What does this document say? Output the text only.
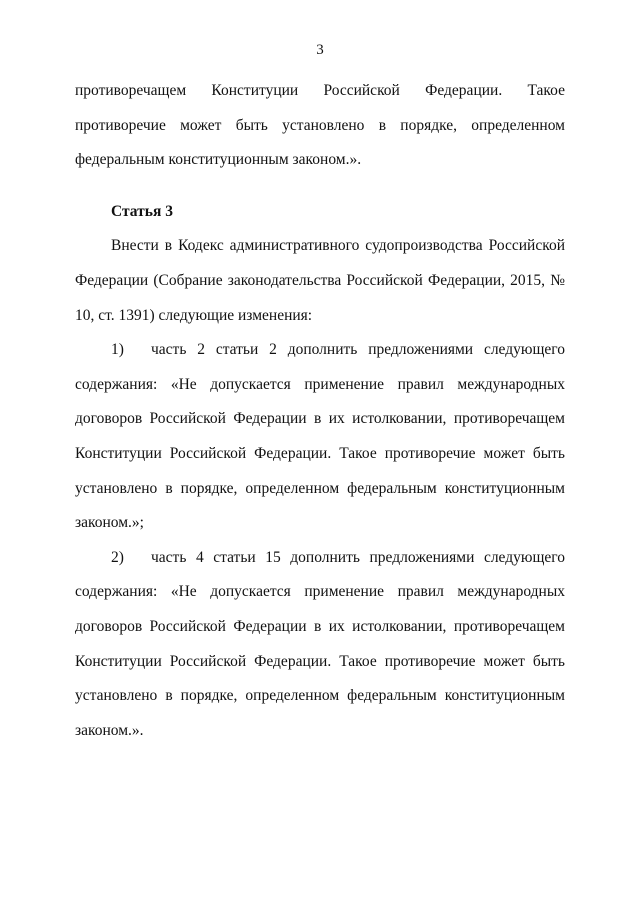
3

противоречащем Конституции Российской Федерации. Такое противоречие может быть установлено в порядке, определенном федеральным конституционным законом.».

Статья 3

Внести в Кодекс административного судопроизводства Российской Федерации (Собрание законодательства Российской Федерации, 2015, № 10, ст. 1391) следующие изменения:

1) часть 2 статьи 2 дополнить предложениями следующего содержания: «Не допускается применение правил международных договоров Российской Федерации в их истолковании, противоречащем Конституции Российской Федерации. Такое противоречие может быть установлено в порядке, определенном федеральным конституционным законом.»;

2) часть 4 статьи 15 дополнить предложениями следующего содержания: «Не допускается применение правил международных договоров Российской Федерации в их истолковании, противоречащем Конституции Российской Федерации. Такое противоречие может быть установлено в порядке, определенном федеральным конституционным законом.».
